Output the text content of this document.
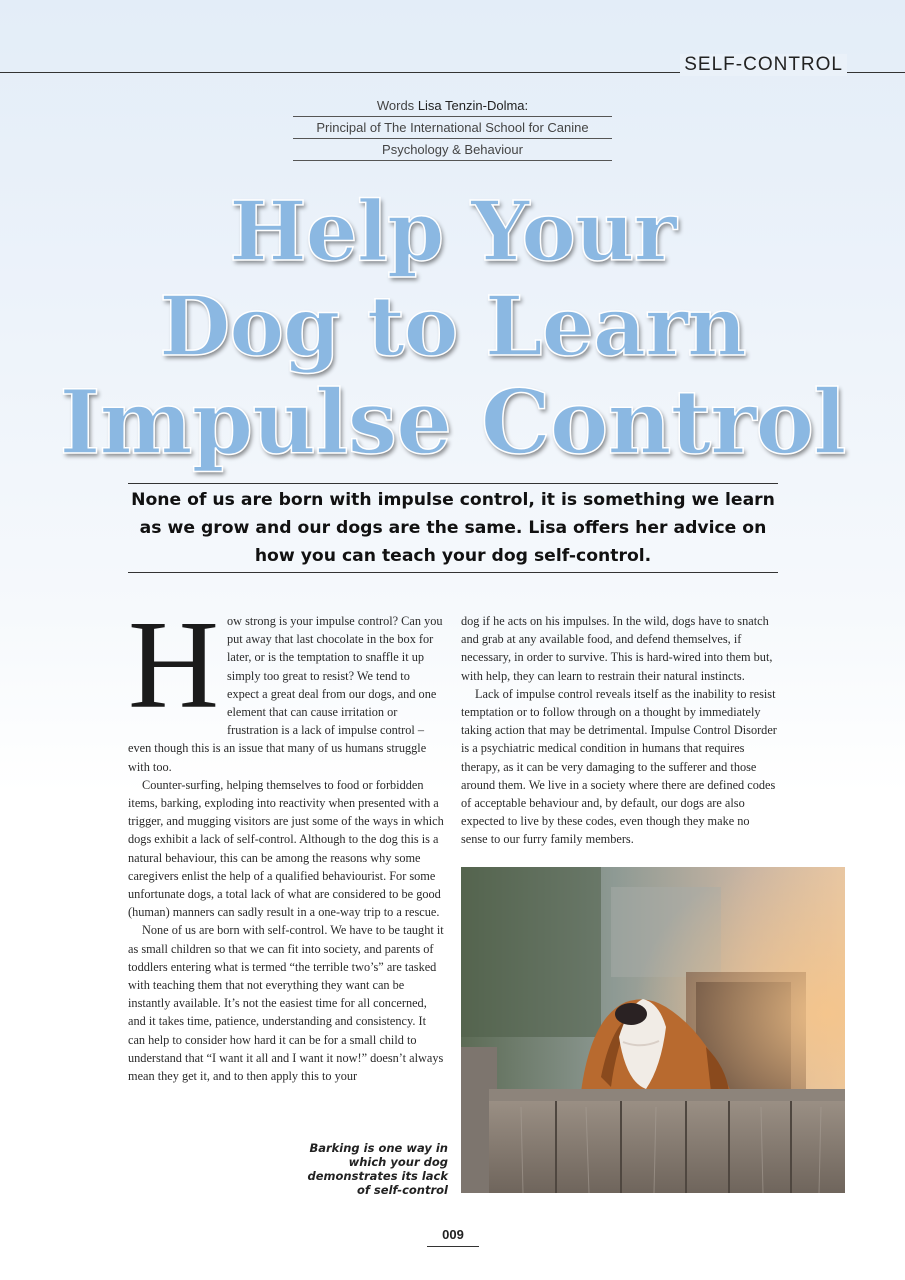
SELF-CONTROL
Words Lisa Tenzin-Dolma:
Principal of The International School for Canine
Psychology & Behaviour
Help Your
Dog to Learn
Impulse Control

None of us are born with impulse control, it is something we learn as we grow and our dogs are the same. Lisa offers her advice on how you can teach your dog self-control.

How strong is your impulse control? Can you put away that last chocolate in the box for later, or is the temptation to snaffle it up simply too great to resist? We tend to expect a great deal from our dogs, and one element that can cause irritation or frustration is a lack of impulse control – even though this is an issue that many of us humans struggle with too.

Counter-surfing, helping themselves to food or forbidden items, barking, exploding into reactivity when presented with a trigger, and mugging visitors are just some of the ways in which dogs exhibit a lack of self-control. Although to the dog this is a natural behaviour, this can be among the reasons why some caregivers enlist the help of a qualified behaviourist. For some unfortunate dogs, a total lack of what are considered to be good (human) manners can sadly result in a one-way trip to a rescue.

None of us are born with self-control. We have to be taught it as small children so that we can fit into society, and parents of toddlers entering what is termed “the terrible two’s” are tasked with teaching them that not everything they want can be instantly available. It’s not the easiest time for all concerned, and it takes time, patience, understanding and consistency. It can help to consider how hard it can be for a small child to understand that “I want it all and I want it now!” doesn’t always mean they get it, and to then apply this to your

dog if he acts on his impulses. In the wild, dogs have to snatch and grab at any available food, and defend themselves, if necessary, in order to survive. This is hard-wired into them but, with help, they can learn to restrain their natural instincts.

Lack of impulse control reveals itself as the inability to resist temptation or to follow through on a thought by immediately taking action that may be detrimental. Impulse Control Disorder is a psychiatric medical condition in humans that requires therapy, as it can be very damaging to the sufferer and those around them. We live in a society where there are defined codes of acceptable behaviour and, by default, our dogs are also expected to live by these codes, even though they make no sense to our furry family members.

Barking is one way in which your dog demonstrates its lack of self-control

009
